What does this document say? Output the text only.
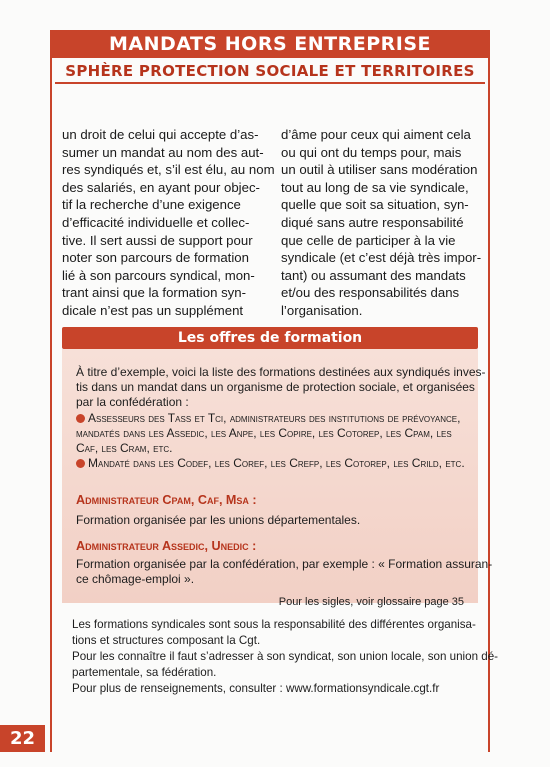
MANDATS HORS ENTREPRISE
SPHÈRE PROTECTION SOCIALE ET TERRITOIRES
un droit de celui qui accepte d’as-
sumer un mandat au nom des aut-
res syndiqués et, s’il est élu, au nom
des salariés, en ayant pour objec-
tif la recherche d’une exigence
d’efficacité individuelle et collec-
tive. Il sert aussi de support pour
noter son parcours de formation
lié à son parcours syndical, mon-
trant ainsi que la formation syn-
dicale n’est pas un supplément
d’âme pour ceux qui aiment cela
ou qui ont du temps pour, mais
un outil à utiliser sans modération
tout au long de sa vie syndicale,
quelle que soit sa situation, syn-
diqué sans autre responsabilité
que celle de participer à la vie
syndicale (et c’est déjà très impor-
tant) ou assumant des mandats
et/ou des responsabilités dans
l’organisation.
Les offres de formation
À titre d’exemple, voici la liste des formations destinées aux syndiqués inves-
tis dans un mandat dans un organisme de protection sociale, et organisées
par la confédération :
Assesseurs des Tass et Tci, administrateurs des institutions de prévoyance,
mandatés dans les Assedic, les Anpe, les Copire, les Cotorep, les Cpam, les
Caf, les Cram, etc.
Mandaté dans les Codef, les Coref, les Crefp, les Cotorep, les Crild, etc.
Administrateur Cpam, Caf, Msa :
Formation organisée par les unions départementales.
Administrateur Assedic, Unedic :
Formation organisée par la confédération, par exemple : « Formation assuran-
ce chômage-emploi ».
Pour les sigles, voir glossaire page 35
Les formations syndicales sont sous la responsabilité des différentes organisa-
tions et structures composant la Cgt.
Pour les connaître il faut s’adresser à son syndicat, son union locale, son union dé-
partementale, sa fédération.
Pour plus de renseignements, consulter : www.formationsyndicale.cgt.fr
22
